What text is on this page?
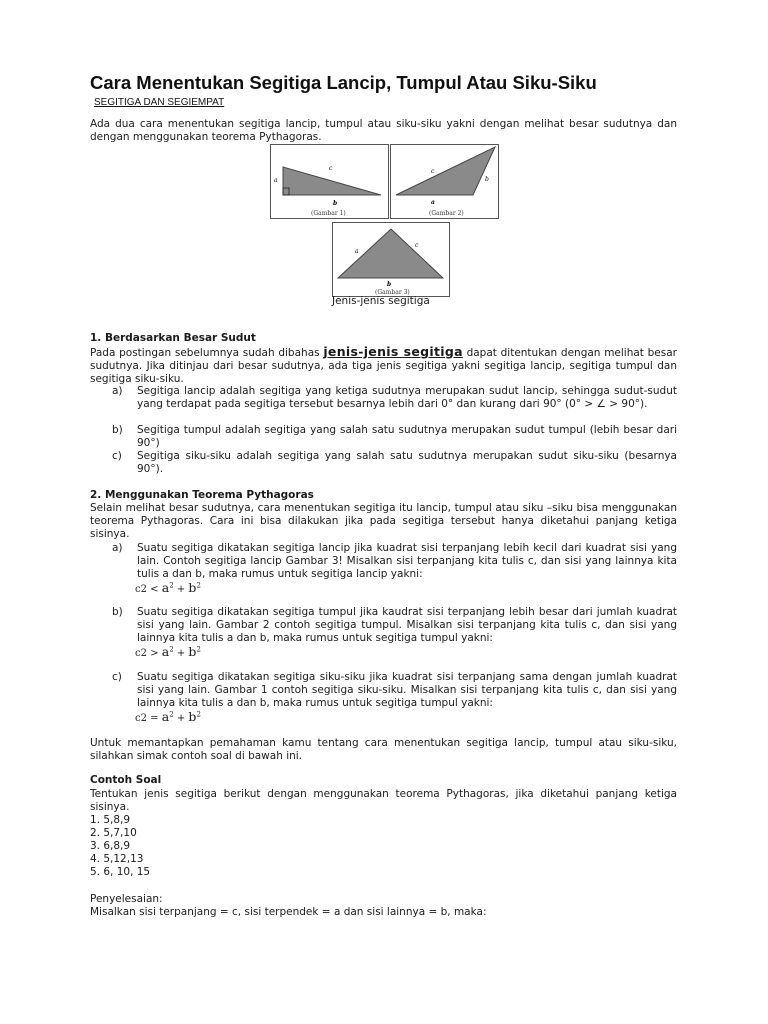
Cara Menentukan Segitiga Lancip, Tumpul Atau Siku-Siku
SEGITIGA DAN SEGIEMPAT
Ada dua cara menentukan segitiga lancip, tumpul atau siku-siku yakni dengan melihat besar sudutnya dan dengan menggunakan teorema Pythagoras.
a
c
b
(Gambar 1)
c
b
a
(Gambar 2)
a
c
b
(Gambar 3)
Jenis-jenis segitiga
1. Berdasarkan Besar Sudut
Pada postingan sebelumnya sudah dibahas jenis-jenis segitiga dapat ditentukan dengan melihat besar sudutnya. Jika ditinjau dari besar sudutnya, ada tiga jenis segitiga yakni segitiga lancip, segitiga tumpul dan segitiga siku-siku.
a) Segitiga lancip adalah segitiga yang ketiga sudutnya merupakan sudut lancip, sehingga sudut-sudut yang terdapat pada segitiga tersebut besarnya lebih dari 0° dan kurang dari 90° (0° > ∠ > 90°).
b) Segitiga tumpul adalah segitiga yang salah satu sudutnya merupakan sudut tumpul (lebih besar dari 90°)
c) Segitiga siku-siku adalah segitiga yang salah satu sudutnya merupakan sudut siku-siku (besarnya 90°).
2. Menggunakan Teorema Pythagoras
Selain melihat besar sudutnya, cara menentukan segitiga itu lancip, tumpul atau siku –siku bisa menggunakan teorema Pythagoras. Cara ini bisa dilakukan jika pada segitiga tersebut hanya diketahui panjang ketiga sisinya.
a) Suatu segitiga dikatakan segitiga lancip jika kuadrat sisi terpanjang lebih kecil dari kuadrat sisi yang lain. Contoh segitiga lancip Gambar 3! Misalkan sisi terpanjang kita tulis c, dan sisi yang lainnya kita tulis a dan b, maka rumus untuk segitiga lancip yakni:
$c2 < a^2 + b^2$
b) Suatu segitiga dikatakan segitiga tumpul jika kaudrat sisi terpanjang lebih besar dari jumlah kuadrat sisi yang lain. Gambar 2 contoh segitiga tumpul. Misalkan sisi terpanjang kita tulis c, dan sisi yang lainnya kita tulis a dan b, maka rumus untuk segitiga tumpul yakni:
$c2 > a^2 + b^2$
c) Suatu segitiga dikatakan segitiga siku-siku jika kuadrat sisi terpanjang sama dengan jumlah kuadrat sisi yang lain. Gambar 1 contoh segitiga siku-siku. Misalkan sisi terpanjang kita tulis c, dan sisi yang lainnya kita tulis a dan b, maka rumus untuk segitiga tumpul yakni:
$c2 = a^2 + b^2$
Untuk memantapkan pemahaman kamu tentang cara menentukan segitiga lancip, tumpul atau siku-siku, silahkan simak contoh soal di bawah ini.
Contoh Soal
Tentukan jenis segitiga berikut dengan menggunakan teorema Pythagoras, jika diketahui panjang ketiga sisinya.
1. 5,8,9
2. 5,7,10
3. 6,8,9
4. 5,12,13
5. 6, 10, 15
Penyelesaian:
Misalkan sisi terpanjang = c, sisi terpendek = a dan sisi lainnya = b, maka:
